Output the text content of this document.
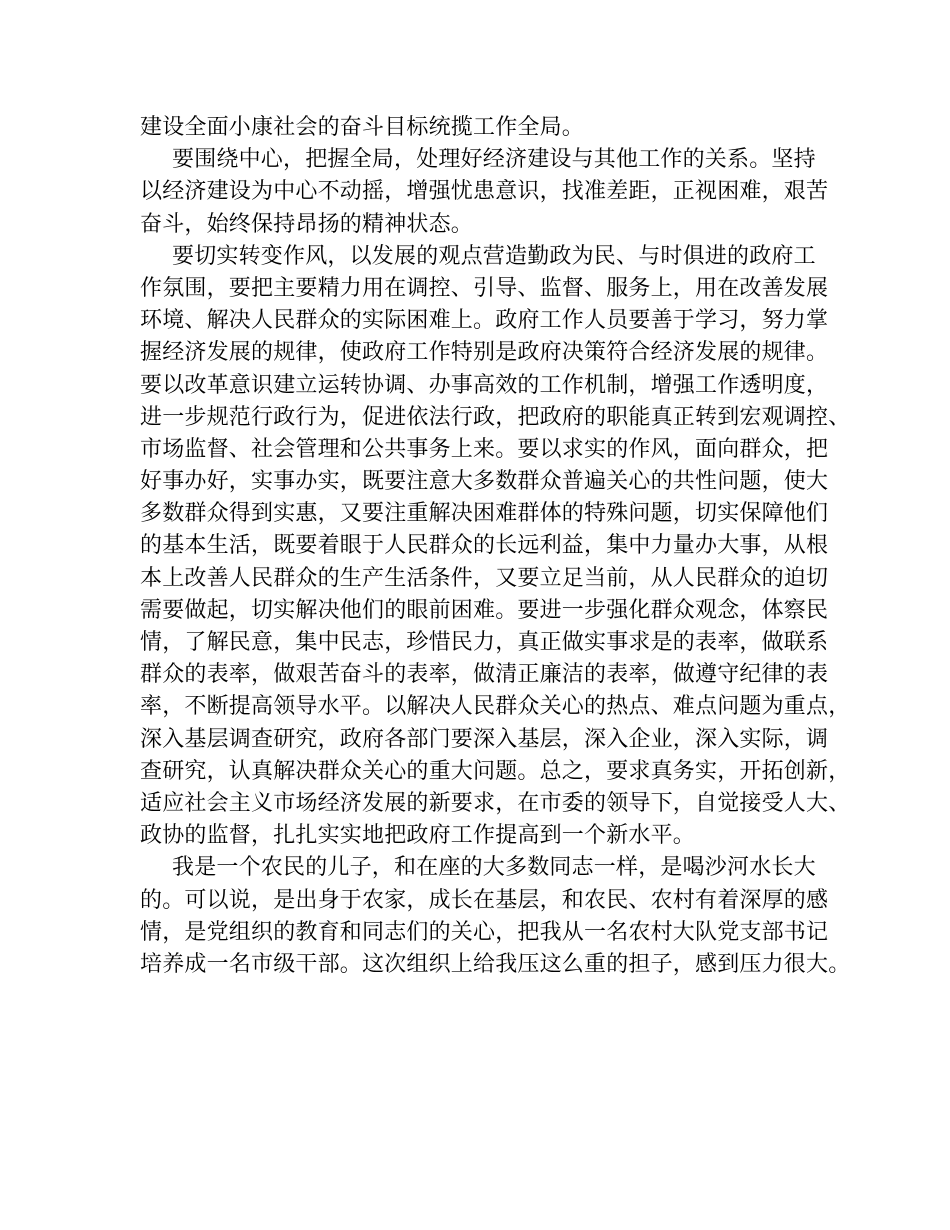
建设全面小康社会的奋斗目标统揽工作全局。
要围绕中心，把握全局，处理好经济建设与其他工作的关系。坚持
以经济建设为中心不动摇，增强忧患意识，找准差距，正视困难，艰苦
奋斗，始终保持昂扬的精神状态。
要切实转变作风，以发展的观点营造勤政为民、与时俱进的政府工
作氛围，要把主要精力用在调控、引导、监督、服务上，用在改善发展
环境、解决人民群众的实际困难上。政府工作人员要善于学习，努力掌
握经济发展的规律，使政府工作特别是政府决策符合经济发展的规律。
要以改革意识建立运转协调、办事高效的工作机制，增强工作透明度，
进一步规范行政行为，促进依法行政，把政府的职能真正转到宏观调控、
市场监督、社会管理和公共事务上来。要以求实的作风，面向群众，把
好事办好，实事办实，既要注意大多数群众普遍关心的共性问题，使大
多数群众得到实惠，又要注重解决困难群体的特殊问题，切实保障他们
的基本生活，既要着眼于人民群众的长远利益，集中力量办大事，从根
本上改善人民群众的生产生活条件，又要立足当前，从人民群众的迫切
需要做起，切实解决他们的眼前困难。要进一步强化群众观念，体察民
情，了解民意，集中民志，珍惜民力，真正做实事求是的表率，做联系
群众的表率，做艰苦奋斗的表率，做清正廉洁的表率，做遵守纪律的表
率，不断提高领导水平。以解决人民群众关心的热点、难点问题为重点，
深入基层调查研究，政府各部门要深入基层，深入企业，深入实际，调
查研究，认真解决群众关心的重大问题。总之，要求真务实，开拓创新，
适应社会主义市场经济发展的新要求，在市委的领导下，自觉接受人大、
政协的监督，扎扎实实地把政府工作提高到一个新水平。
我是一个农民的儿子，和在座的大多数同志一样，是喝沙河水长大
的。可以说，是出身于农家，成长在基层，和农民、农村有着深厚的感
情，是党组织的教育和同志们的关心，把我从一名农村大队党支部书记
培养成一名市级干部。这次组织上给我压这么重的担子，感到压力很大。
